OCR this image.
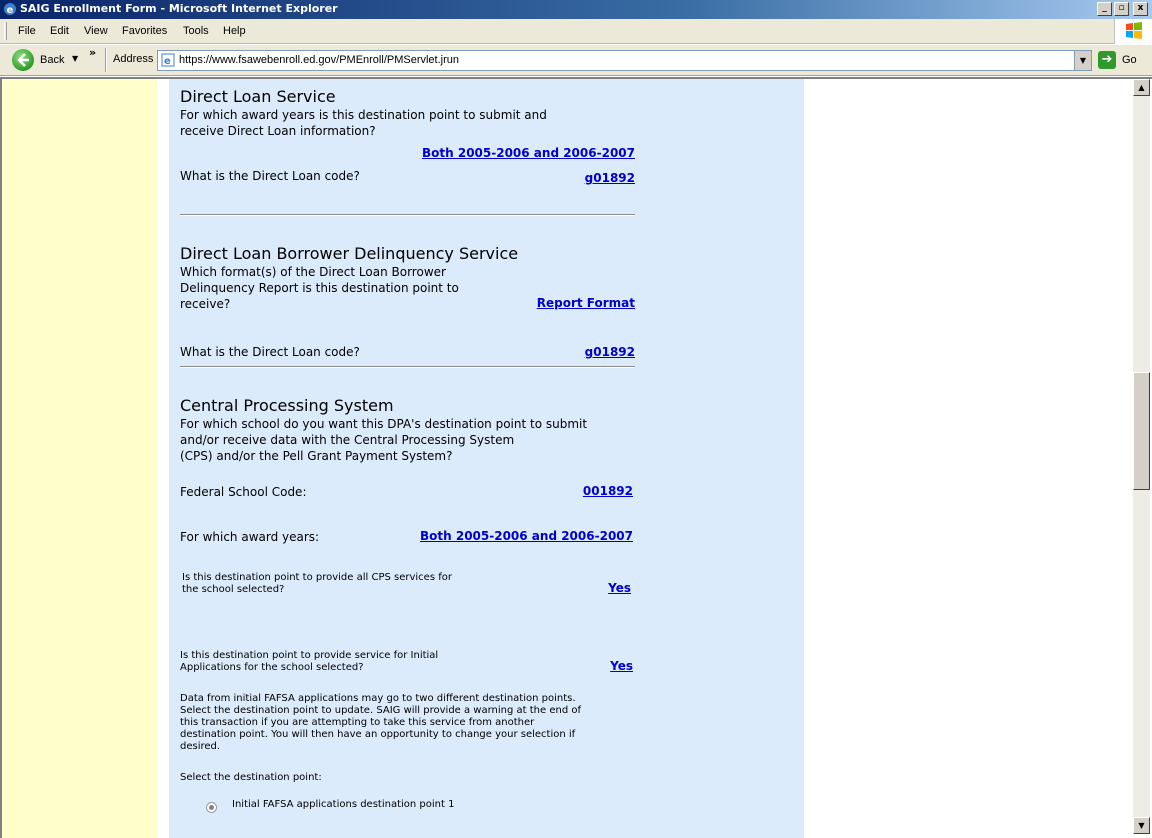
e SAIG Enrollment Form - Microsoft Internet Explorer	_	▫	x
File Edit View Favorites Tools Help
Back ▼ » Address e https://www.fsawebenroll.ed.gov/PMEnroll/PMServlet.jrun	▼	➔ Go
Direct Loan Service
For which award years is this destination point to submit and
receive Direct Loan information?
Both 2005-2006 and 2006-2007
What is the Direct Loan code?	g01892
Direct Loan Borrower Delinquency Service
Which format(s) of the Direct Loan Borrower
Delinquency Report is this destination point to
receive?	Report Format
What is the Direct Loan code?	g01892
Central Processing System
For which school do you want this DPA's destination point to submit
and/or receive data with the Central Processing System
(CPS) and/or the Pell Grant Payment System?
Federal School Code:	001892
For which award years:	Both 2005-2006 and 2006-2007
Is this destination point to provide all CPS services for
the school selected?	Yes
Is this destination point to provide service for Initial
Applications for the school selected?	Yes
Data from initial FAFSA applications may go to two different destination points.
Select the destination point to update. SAIG will provide a warning at the end of
this transaction if you are attempting to take this service from another
destination point. You will then have an opportunity to change your selection if
desired.
Select the destination point:
Initial FAFSA applications destination point 1
▲
▼
